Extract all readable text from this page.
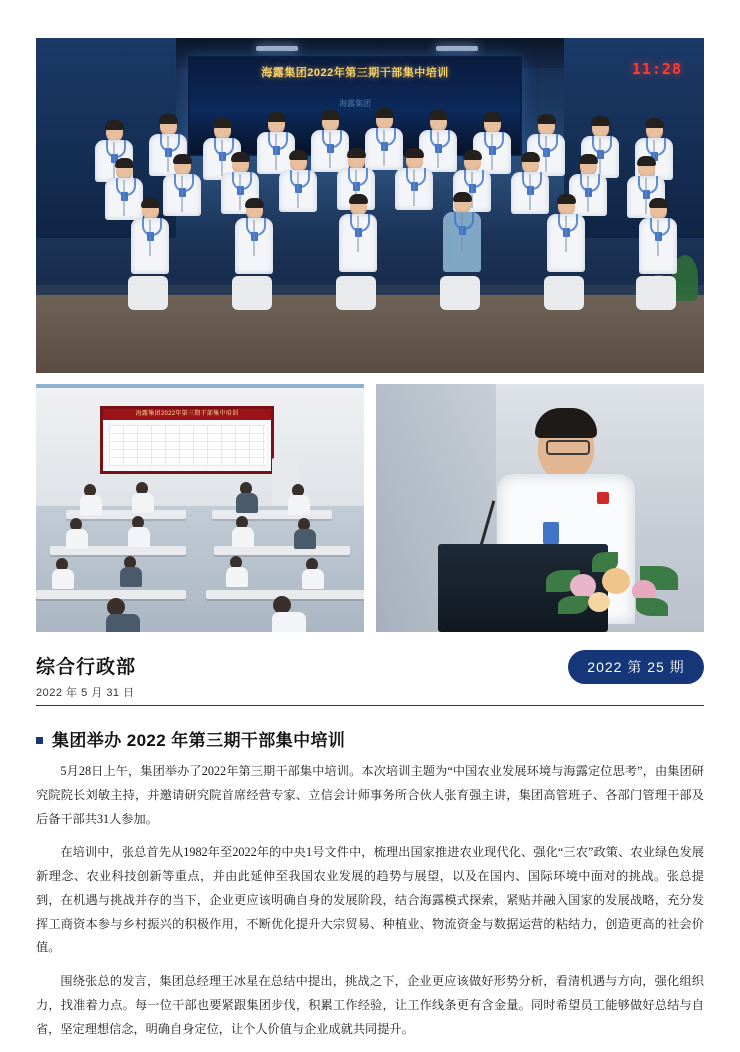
海露集团2022年第三期干部集中培训
海露集团
11:28
海露集团2022年第三期干部集中培训
综合行政部
2022 年 5 月 31 日
2022 第 25 期
集团举办 2022 年第三期干部集中培训

5月28日上午，集团举办了2022年第三期干部集中培训。本次培训主题为“中国农业发展环境与海露定位思考”，由集团研究院院长刘敏主持，并邀请研究院首席经营专家、立信会计师事务所合伙人张育强主讲，集团高管班子、各部门管理干部及后备干部共31人参加。

在培训中，张总首先从1982年至2022年的中央1号文件中，梳理出国家推进农业现代化、强化“三农”政策、农业绿色发展新理念、农业科技创新等重点，并由此延伸至我国农业发展的趋势与展望，以及在国内、国际环境中面对的挑战。张总提到，在机遇与挑战并存的当下，企业更应该明确自身的发展阶段，结合海露模式探索，紧贴并融入国家的发展战略，充分发挥工商资本参与乡村振兴的积极作用，不断优化提升大宗贸易、种植业、物流资金与数据运营的粘结力，创造更高的社会价值。

围绕张总的发言，集团总经理王冰星在总结中提出，挑战之下，企业更应该做好形势分析，看清机遇与方向，强化组织力，找准着力点。每一位干部也要紧跟集团步伐，积累工作经验，让工作线条更有含金量。同时希望员工能够做好总结与自省，坚定理想信念，明确自身定位，让个人价值与企业成就共同提升。
